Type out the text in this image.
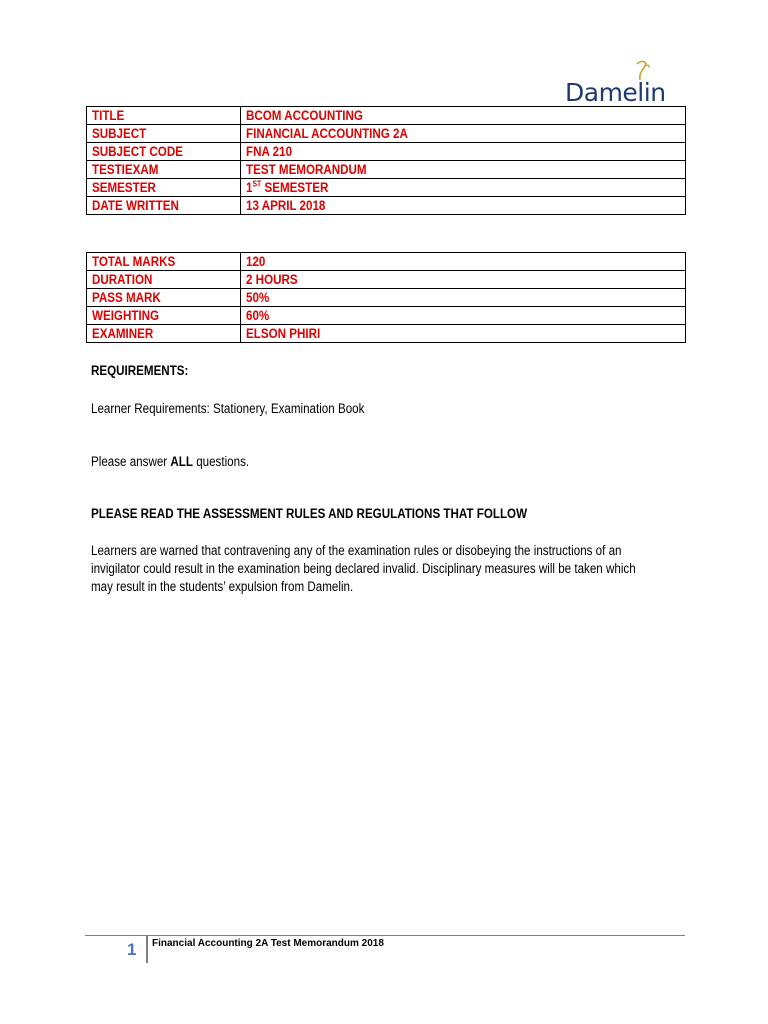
Damelin
TITLE	BCOM ACCOUNTING
SUBJECT	FINANCIAL ACCOUNTING 2A
SUBJECT CODE	FNA 210
TESTIEXAM	TEST MEMORANDUM
SEMESTER	1ST SEMESTER
DATE WRITTEN	13 APRIL 2018
TOTAL MARKS	120
DURATION	2 HOURS
PASS MARK	50%
WEIGHTING	60%
EXAMINER	ELSON PHIRI
REQUIREMENTS:
Learner Requirements: Stationery, Examination Book
Please answer ALL questions.
PLEASE READ THE ASSESSMENT RULES AND REGULATIONS THAT FOLLOW
Learners are warned that contravening any of the examination rules or disobeying the instructions of an invigilator could result in the examination being declared invalid. Disciplinary measures will be taken which may result in the students’ expulsion from Damelin.
1 Financial Accounting 2A Test Memorandum 2018
